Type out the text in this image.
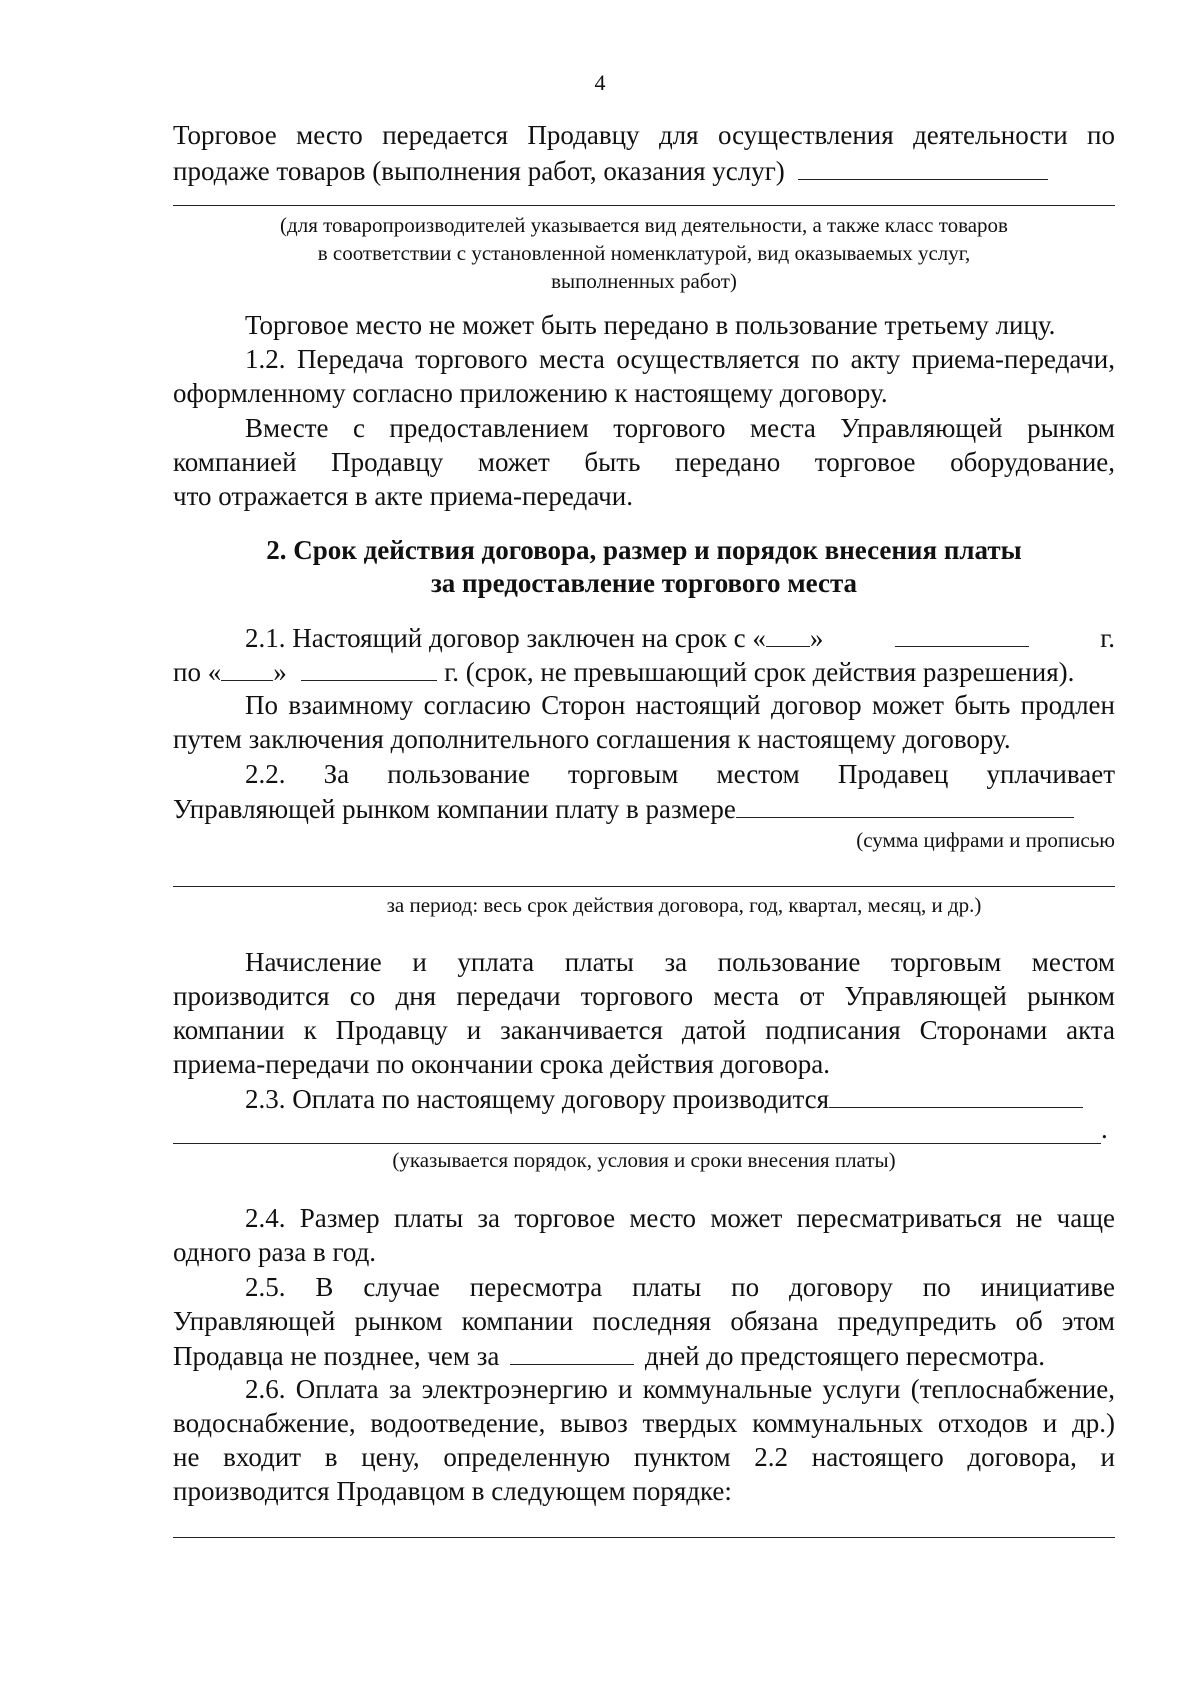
4
Торговое место передается Продавцу для осуществления деятельности по
продаже товаров (выполнения работ, оказания услуг)
(для товаропроизводителей указывается вид деятельности, а также класс товаров
в соответствии с установленной номенклатурой, вид оказываемых услуг,
выполненных работ)
Торговое место не может быть передано в пользование третьему лицу.
1.2. Передача торгового места осуществляется по акту приема-передачи,
оформленному согласно приложению к настоящему договору.
Вместе с предоставлением торгового места Управляющей рынком
компанией Продавцу может быть передано торговое оборудование,
что отражается в акте приема-передачи.
2. Срок действия договора, размер и порядок внесения платы
за предоставление торгового места
2.1. Настоящий договор заключен на срок с « »	г.
по « »	г. (срок, не превышающий срок действия разрешения).
По взаимному согласию Сторон настоящий договор может быть продлен
путем заключения дополнительного соглашения к настоящему договору.
2.2. За пользование торговым местом Продавец уплачивает
Управляющей рынком компании плату в размере
(сумма цифрами и прописью
за период: весь срок действия договора, год, квартал, месяц, и др.)
Начисление и уплата платы за пользование торговым местом
производится со дня передачи торгового места от Управляющей рынком
компании к Продавцу и заканчивается датой подписания Сторонами акта
приема-передачи по окончании срока действия договора.
2.3. Оплата по настоящему договору производится
.
(указывается порядок, условия и сроки внесения платы)
2.4. Размер платы за торговое место может пересматриваться не чаще
одного раза в год.
2.5. В случае пересмотра платы по договору по инициативе
Управляющей рынком компании последняя обязана предупредить об этом
Продавца не позднее, чем за	дней до предстоящего пересмотра.
2.6. Оплата за электроэнергию и коммунальные услуги (теплоснабжение,
водоснабжение, водоотведение, вывоз твердых коммунальных отходов и др.)
не входит в цену, определенную пунктом 2.2 настоящего договора, и
производится Продавцом в следующем порядке:
